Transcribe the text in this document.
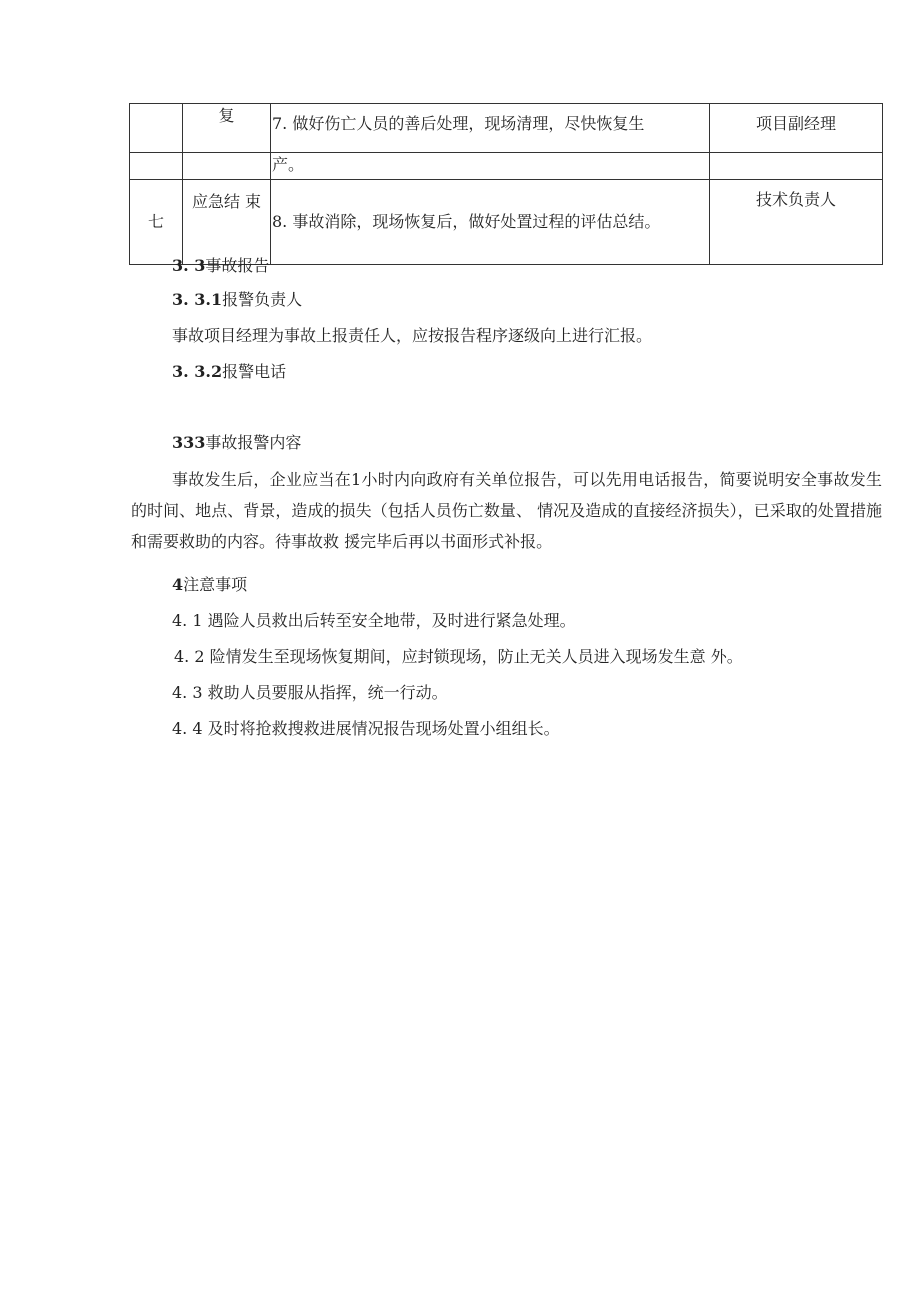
	复	7. 做好伤亡人员的善后处理，现场清理，尽快恢复生	项目副经理
		产。	
七	应急结 束	8. 事故消除，现场恢复后，做好处置过程的评估总结。	技术负责人
3. 3事故报告
3. 3.1报警负责人
事故项目经理为事故上报责任人，应按报告程序逐级向上进行汇报。
3. 3.2报警电话
333事故报警内容
事故发生后，企业应当在1小时内向政府有关单位报告，可以先用电话报告，简要说明安全事故发生的时间、地点、背景，造成的损失（包括人员伤亡数量、 情况及造成的直接经济损失），已采取的处置措施和需要救助的内容。待事故救 援完毕后再以书面形式补报。
4注意事项
4. 1 遇险人员救出后转至安全地带，及时进行紧急处理。
4. 2 险情发生至现场恢复期间，应封锁现场，防止无关人员进入现场发生意 外。
4. 3 救助人员要服从指挥，统一行动。
4. 4 及时将抢救搜救进展情况报告现场处置小组组长。
